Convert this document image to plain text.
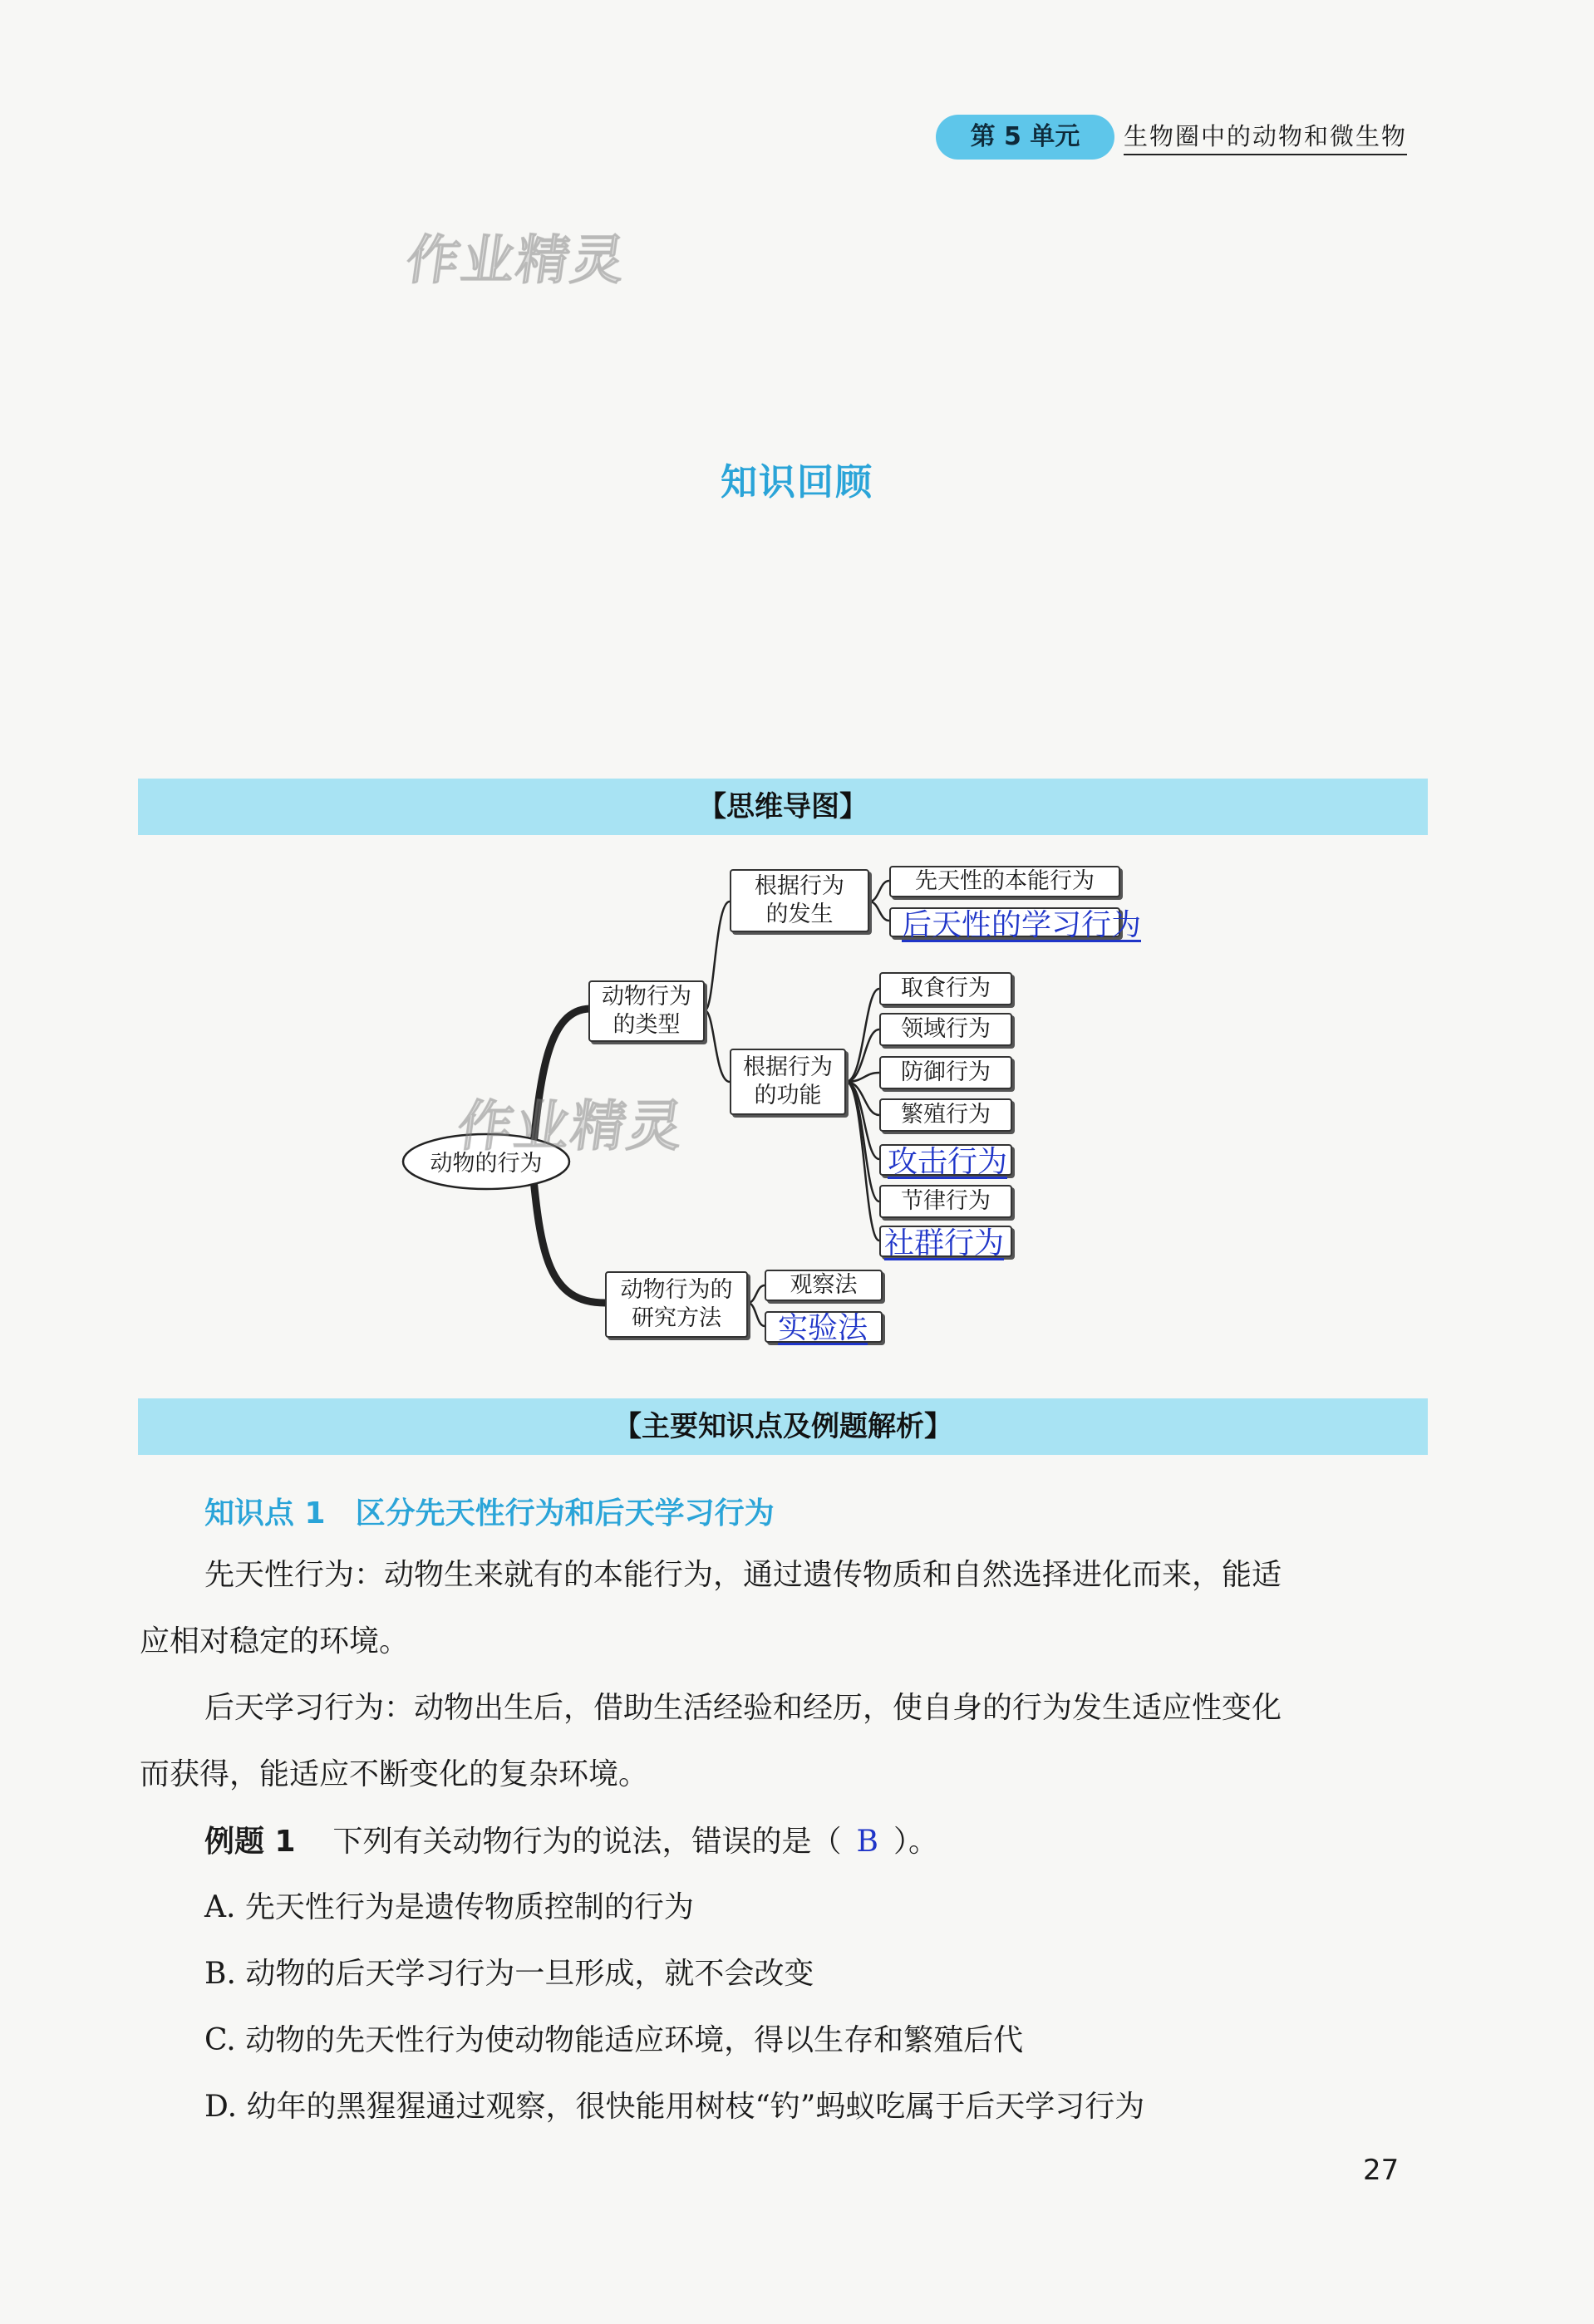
第 5 单元	生物圈中的动物和微生物
作业精灵
知识回顾
【思维导图】
作业精灵
动物的行为
动物行为的类型
根据行为的发生
先天性的本能行为
后天性的学习行为
根据行为的功能
取食行为
领域行为
防御行为
繁殖行为
攻击行为
节律行为
社群行为
动物行为的研究方法
观察法
实验法
【主要知识点及例题解析】
知识点 1　区分先天性行为和后天学习行为
先天性行为：动物生来就有的本能行为，通过遗传物质和自然选择进化而来，能适
应相对稳定的环境。
后天学习行为：动物出生后，借助生活经验和经历，使自身的行为发生适应性变化
而获得，能适应不断变化的复杂环境。
例题 1 下列有关动物行为的说法，错误的是（ B ）。
A. 先天性行为是遗传物质控制的行为
B. 动物的后天学习行为一旦形成，就不会改变
C. 动物的先天性行为使动物能适应环境，得以生存和繁殖后代
D. 幼年的黑猩猩通过观察，很快能用树枝“钓”蚂蚁吃属于后天学习行为
27
